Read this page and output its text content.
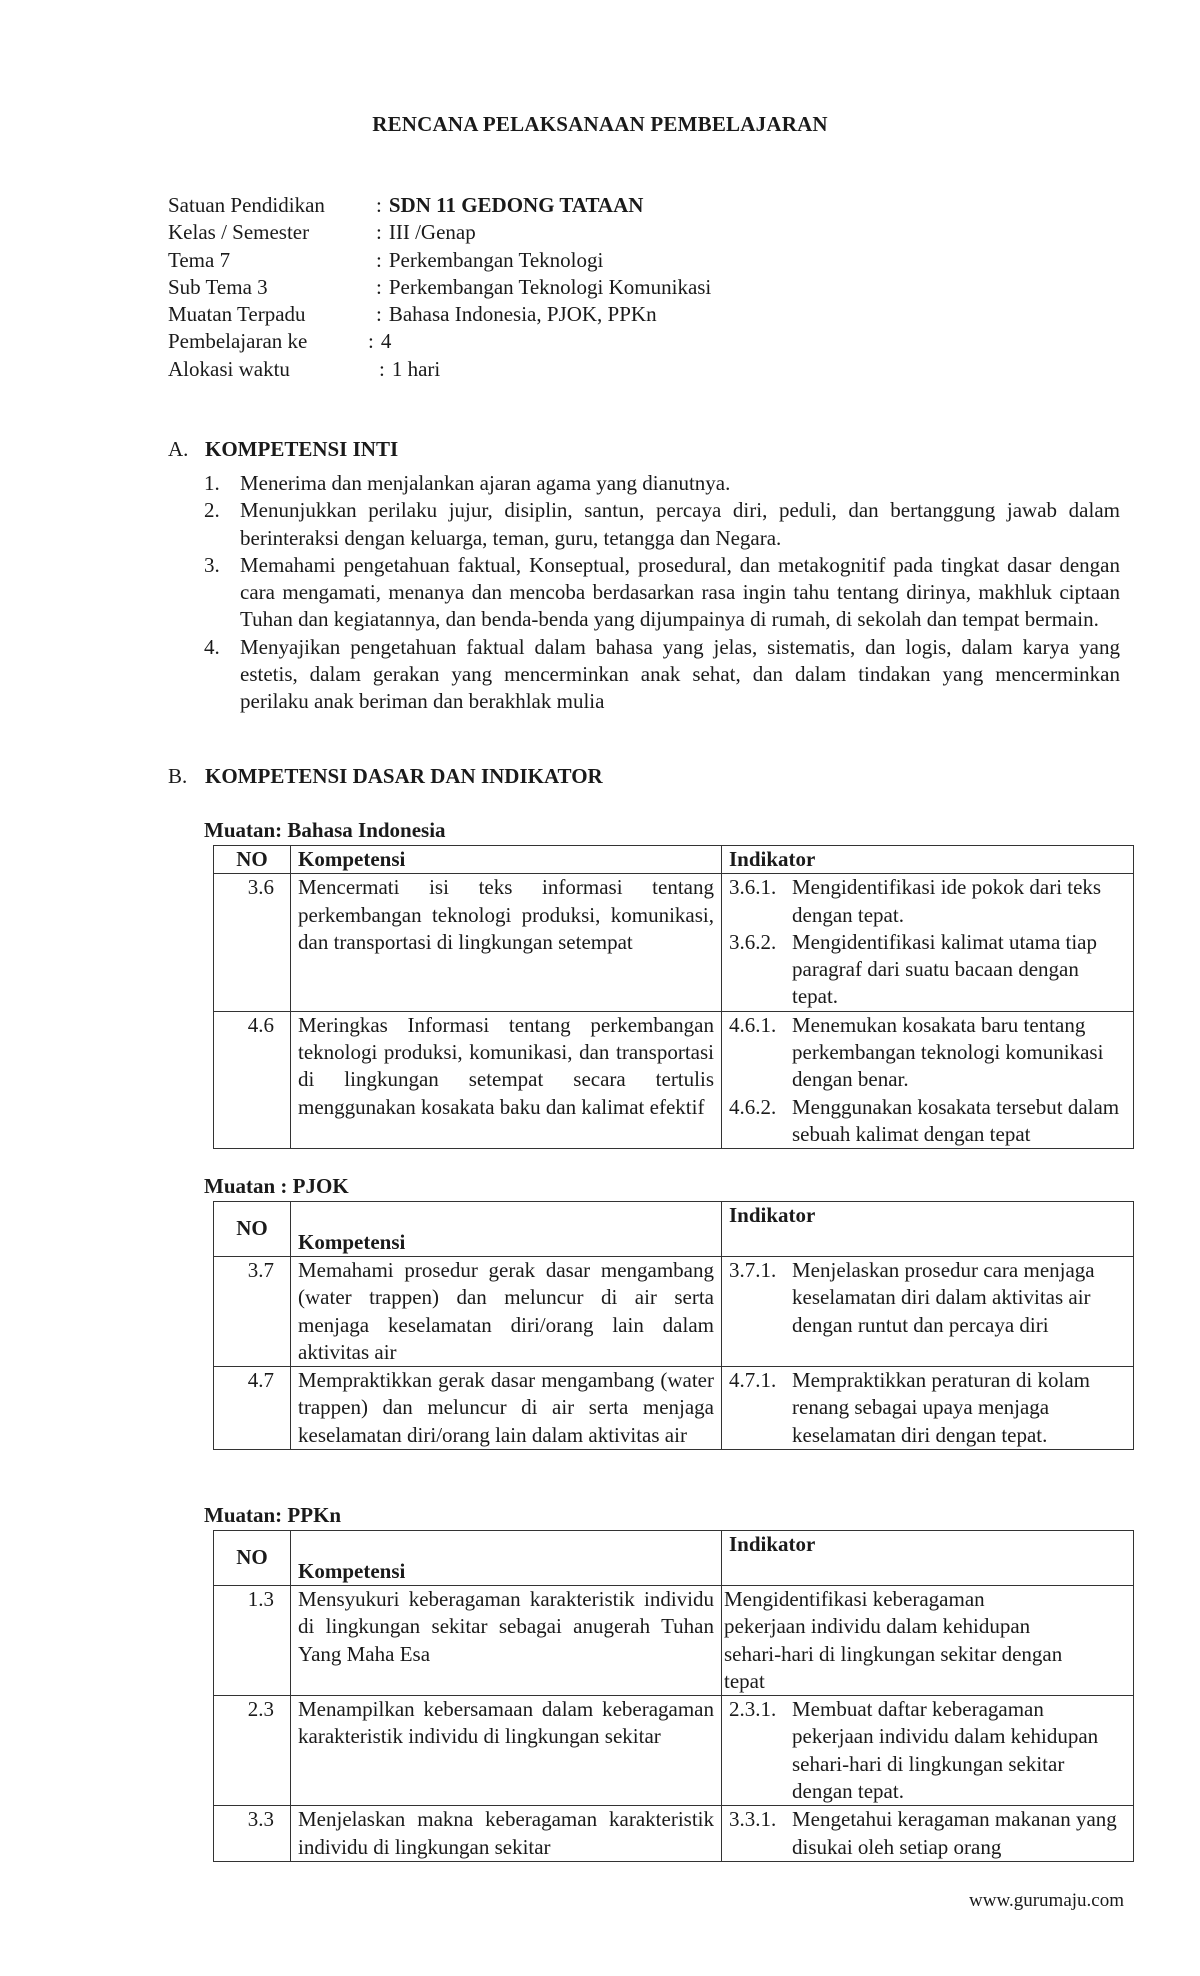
RENCANA PELAKSANAAN PEMBELAJARAN
Satuan Pendidikan	: SDN 11 GEDONG TATAAN
Kelas / Semester	: III /Genap
Tema 7	: Perkembangan Teknologi
Sub Tema 3	: Perkembangan Teknologi Komunikasi
Muatan Terpadu	: Bahasa Indonesia, PJOK, PPKn
Pembelajaran ke	: 4
Alokasi waktu	: 1 hari
A. KOMPETENSI INTI
1. Menerima dan menjalankan ajaran agama yang dianutnya.
2. Menunjukkan perilaku jujur, disiplin, santun, percaya diri, peduli, dan bertanggung jawab dalam berinteraksi dengan keluarga, teman, guru, tetangga dan Negara.
3. Memahami pengetahuan faktual, Konseptual, prosedural, dan metakognitif pada tingkat dasar dengan cara mengamati, menanya dan mencoba berdasarkan rasa ingin tahu tentang dirinya, makhluk ciptaan Tuhan dan kegiatannya, dan benda-benda yang dijumpainya di rumah, di sekolah dan tempat bermain.
4. Menyajikan pengetahuan faktual dalam bahasa yang jelas, sistematis, dan logis, dalam karya yang estetis, dalam gerakan yang mencerminkan anak sehat, dan dalam tindakan yang mencerminkan perilaku anak beriman dan berakhlak mulia
B. KOMPETENSI DASAR DAN INDIKATOR
Muatan: Bahasa Indonesia
NO	Kompetensi	Indikator
3.6	Mencermati isi teks informasi tentang perkembangan teknologi produksi, komunikasi, dan transportasi di lingkungan setempat	3.6.1. Mengidentifikasi ide pokok dari teks dengan tepat.
3.6.2. Mengidentifikasi kalimat utama tiap paragraf dari suatu bacaan dengan tepat.

4.6	Meringkas Informasi tentang perkembangan teknologi produksi, komunikasi, dan transportasi di lingkungan setempat secara tertulis menggunakan kosakata baku dan kalimat efektif	4.6.1. Menemukan kosakata baru tentang perkembangan teknologi komunikasi dengan benar.
4.6.2. Menggunakan kosakata tersebut dalam sebuah kalimat dengan tepat
Muatan : PJOK
NO	Kompetensi	Indikator
3.7	Memahami prosedur gerak dasar mengambang (water trappen) dan meluncur di air serta menjaga keselamatan diri/orang lain dalam aktivitas air	3.7.1. Menjelaskan prosedur cara menjaga keselamatan diri dalam aktivitas air dengan runtut dan percaya diri

4.7	Mempraktikkan gerak dasar mengambang (water trappen) dan meluncur di air serta menjaga keselamatan diri/orang lain dalam aktivitas air	4.7.1. Mempraktikkan peraturan di kolam renang sebagai upaya menjaga keselamatan diri dengan tepat.
Muatan: PPKn
NO	Kompetensi	Indikator
1.3	Mensyukuri keberagaman karakteristik individu di lingkungan sekitar sebagai anugerah Tuhan Yang Maha Esa	Mengidentifikasi keberagaman pekerjaan individu dalam kehidupan sehari-hari di lingkungan sekitar dengan tepat

2.3	Menampilkan kebersamaan dalam keberagaman karakteristik individu di lingkungan sekitar	2.3.1. Membuat daftar keberagaman pekerjaan individu dalam kehidupan sehari-hari di lingkungan sekitar dengan tepat.

3.3	Menjelaskan makna keberagaman karakteristik individu di lingkungan sekitar	3.3.1. Mengetahui keragaman makanan yang disukai oleh setiap orang
www.gurumaju.com
